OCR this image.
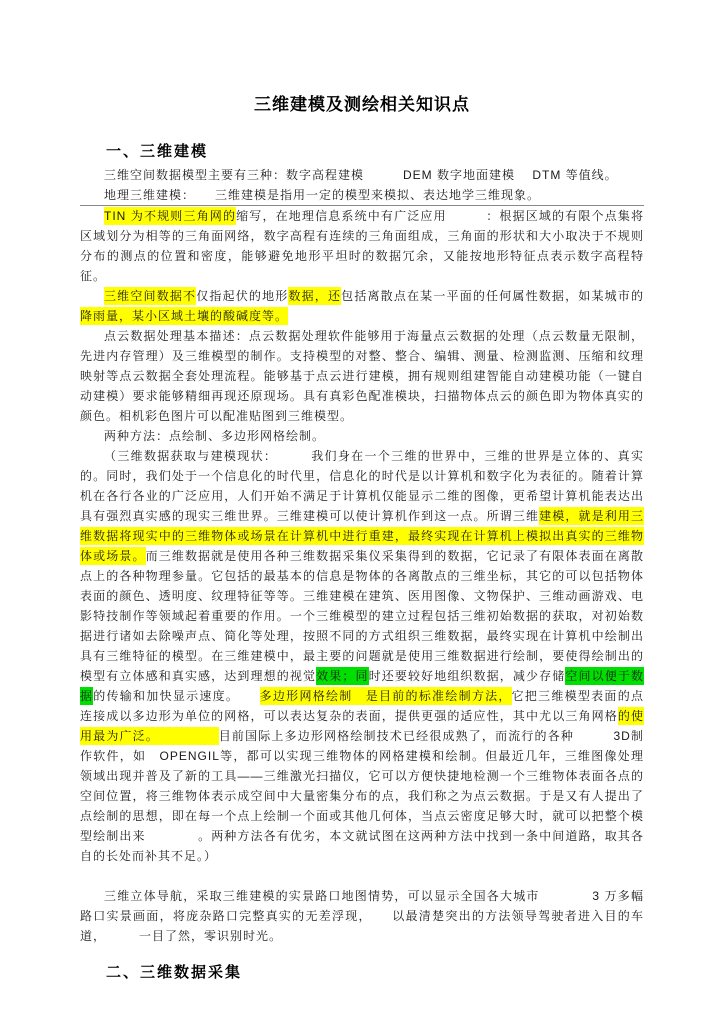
三维建模及测绘相关知识点
一、三维建模

三维空间数据模型主要有三种：数字高程建模　　　DEM 数字地面建模　 DTM 等值线。

地理三维建模：　　三维建模是指用一定的模型来模拟、表达地学三维现象。

TIN 为不规则三角网的缩写，在地理信息系统中有广泛应用　　　：根据区域的有限个点集将区域划分为相等的三角面网络，数字高程有连续的三角面组成，三角面的形状和大小取决于不规则分布的测点的位置和密度，能够避免地形平坦时的数据冗余，又能按地形特征点表示数字高程特征。

三维空间数据不仅指起伏的地形数据，还包括离散点在某一平面的任何属性数据，如某城市的降雨量，某小区域土壤的酸碱度等。

点云数据处理基本描述：点云数据处理软件能够用于海量点云数据的处理（点云数量无限制，先进内存管理）及三维模型的制作。支持模型的对整、整合、编辑、测量、检测监测、压缩和纹理映射等点云数据全套处理流程。能够基于点云进行建模，拥有规则组建智能自动建模功能（一键自动建模）要求能够精细再现还原现场。具有真彩色配准模块，扫描物体点云的颜色即为物体真实的颜色。相机彩色图片可以配准贴图到三维模型。

两种方法：点绘制、多边形网格绘制。

（三维数据获取与建模现状：　　　我们身在一个三维的世界中，三维的世界是立体的、真实的。同时，我们处于一个信息化的时代里，信息化的时代是以计算机和数字化为表征的。随着计算机在各行各业的广泛应用，人们开始不满足于计算机仅能显示二维的图像，更希望计算机能表达出具有强烈真实感的现实三维世界。三维建模可以使计算机作到这一点。所谓三维建模，就是利用三维数据将现实中的三维物体或场景在计算机中进行重建，最终实现在计算机上模拟出真实的三维物体或场景。而三维数据就是使用各种三维数据采集仪采集得到的数据，它记录了有限体表面在离散点上的各种物理参量。它包括的最基本的信息是物体的各离散点的三维坐标，其它的可以包括物体表面的颜色、透明度、纹理特征等等。三维建模在建筑、医用图像、文物保护、三维动画游戏、电影特技制作等领域起着重要的作用。一个三维模型的建立过程包括三维初始数据的获取，对初始数据进行诸如去除噪声点、简化等处理，按照不同的方式组织三维数据，最终实现在计算机中绘制出具有三维特征的模型。在三维建模中，最主要的问题就是使用三维数据进行绘制，要使得绘制出的模型有立体感和真实感，达到理想的视觉效果；同时还要较好地组织数据，减少存储空间以便于数据的传输和加快显示速度。　　多边形网格绘制　是目前的标准绘制方法，它把三维模型表面的点连接成以多边形为单位的网格，可以表达复杂的表面，提供更强的适应性，其中尤以三角网格的使用最为广泛。　　　　　目前国际上多边形网格绘制技术已经很成熟了，而流行的各种　　　3D制作软件，如　OPENGIL等，都可以实现三维物体的网格建模和绘制。但最近几年，三维图像处理领域出现并普及了新的工具——三维激光扫描仪，它可以方便快捷地检测一个三维物体表面各点的空间位置，将三维物体表示成空间中大量密集分布的点，我们称之为点云数据。于是又有人提出了　　　　点绘制的思想，即在每一个点上绘制一个面或其他几何体，当点云密度足够大时，就可以把整个模型绘制出来　　　　。两种方法各有优劣，本文就试图在这两种方法中找到一条中间道路，取其各自的长处而补其不足。）

三维立体导航，采取三维建模的实景路口地图情势，可以显示全国各大城市　　　　3 万多幅路口实景画面，将庞杂路口完整真实的无差浮现，　　以最清楚突出的方法领导驾驶者进入目的车道，　　　一目了然，零识别时光。

二、三维数据采集
